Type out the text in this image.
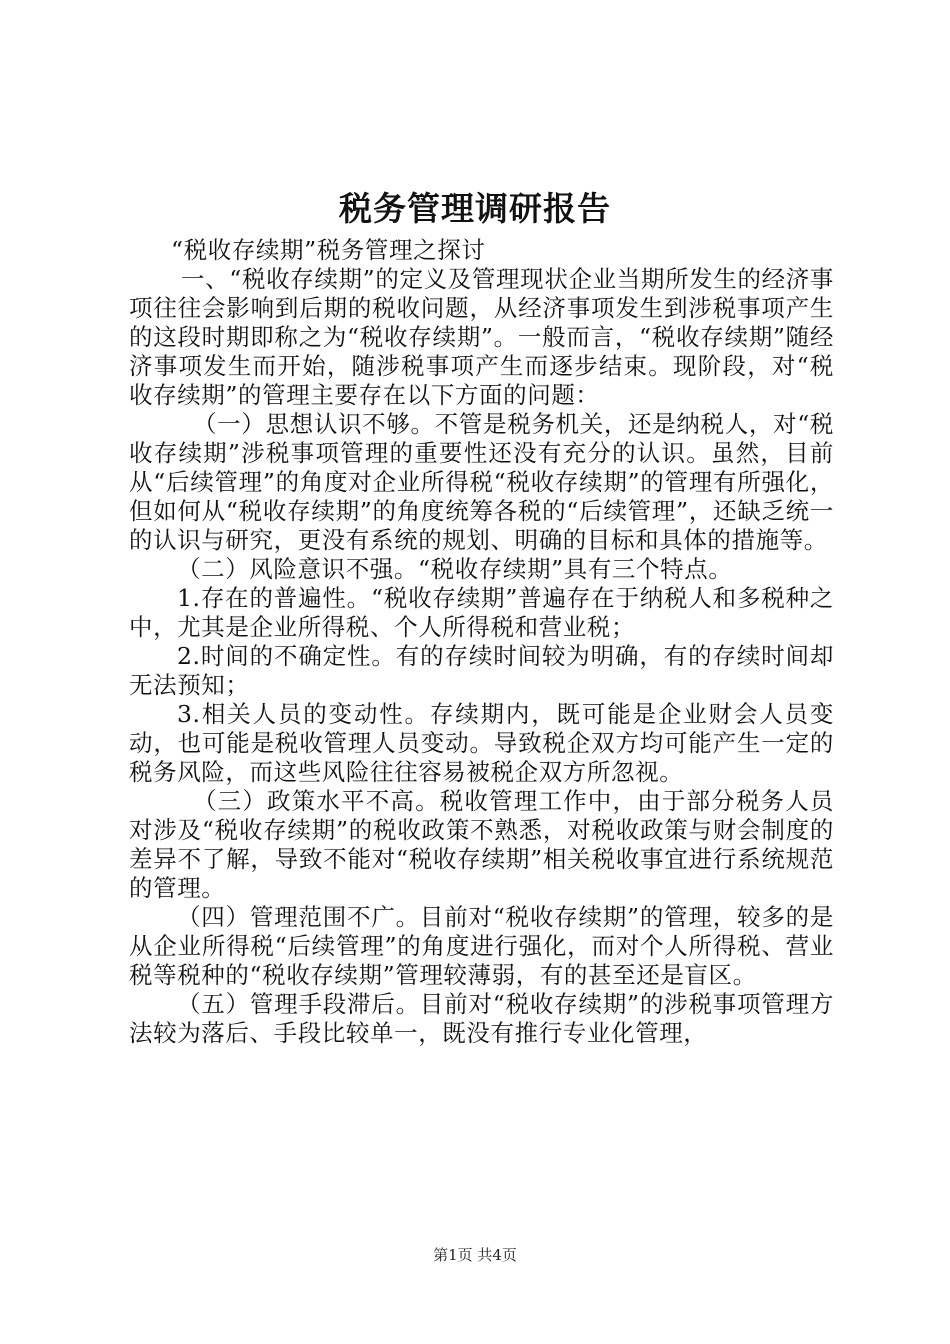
税务管理调研报告

“税收存续期”税务管理之探讨

一、“税收存续期”的定义及管理现状企业当期所发生的经济事项往往会影响到后期的税收问题，从经济事项发生到涉税事项产生的这段时期即称之为“税收存续期”。一般而言，“税收存续期”随经济事项发生而开始，随涉税事项产生而逐步结束。现阶段，对“税收存续期”的管理主要存在以下方面的问题：

（一）思想认识不够。不管是税务机关，还是纳税人，对“税收存续期”涉税事项管理的重要性还没有充分的认识。虽然，目前从“后续管理”的角度对企业所得税“税收存续期”的管理有所强化，但如何从“税收存续期”的角度统筹各税的“后续管理”，还缺乏统一的认识与研究，更没有系统的规划、明确的目标和具体的措施等。

（二）风险意识不强。“税收存续期”具有三个特点。

1.存在的普遍性。“税收存续期”普遍存在于纳税人和多税种之中，尤其是企业所得税、个人所得税和营业税；

2.时间的不确定性。有的存续时间较为明确，有的存续时间却无法预知；

3.相关人员的变动性。存续期内，既可能是企业财会人员变动，也可能是税收管理人员变动。导致税企双方均可能产生一定的税务风险，而这些风险往往容易被税企双方所忽视。

（三）政策水平不高。税收管理工作中，由于部分税务人员对涉及“税收存续期”的税收政策不熟悉，对税收政策与财会制度的差异不了解，导致不能对“税收存续期”相关税收事宜进行系统规范的管理。

（四）管理范围不广。目前对“税收存续期”的管理，较多的是从企业所得税“后续管理”的角度进行强化，而对个人所得税、营业税等税种的“税收存续期”管理较薄弱，有的甚至还是盲区。

（五）管理手段滞后。目前对“税收存续期”的涉税事项管理方法较为落后、手段比较单一，既没有推行专业化管理，

第1页 共4页
